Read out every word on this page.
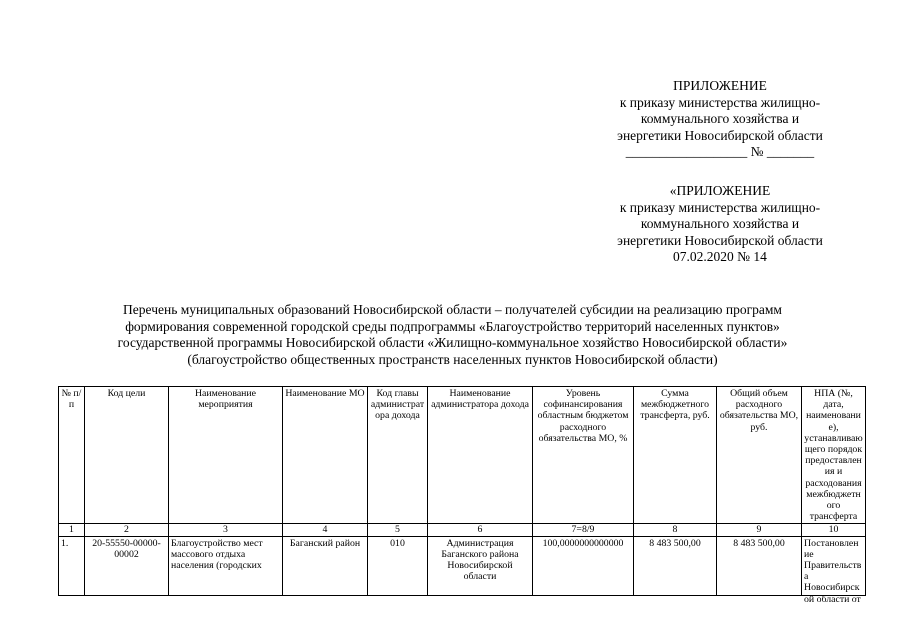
ПРИЛОЖЕНИЕ
к приказу министерства жилищно-
коммунального хозяйства и
энергетики Новосибирской области
__________________ № _______
«ПРИЛОЖЕНИЕ
к приказу министерства жилищно-
коммунального хозяйства и
энергетики Новосибирской области
07.02.2020 № 14
Перечень муниципальных образований Новосибирской области – получателей субсидии на реализацию программ
формирования современной городской среды подпрограммы «Благоустройство территорий населенных пунктов»
государственной программы Новосибирской области «Жилищно-коммунальное хозяйство Новосибирской области»
(благоустройство общественных пространств населенных пунктов Новосибирской области)
№ п/п	Код цели	Наименование мероприятия	Наименование МО	Код главы администратора дохода	Наименование администратора дохода	Уровень софинансирования областным бюджетом расходного обязательства МО, %	Сумма межбюджетного трансферта, руб.	Общий объем расходного обязательства МО, руб.	НПА (№, дата, наименование), устанавливающего порядок предоставления и расходования межбюджетного трансферта
1	2	3	4	5	6	7=8/9	8	9	10
1.	20-55550-00000-00002	Благоустройство мест массового отдыха населения (городских	Баганский район	010	Администрация Баганского района Новосибирской области	100,0000000000000	8 483 500,00	8 483 500,00	Постановление Правительства Новосибирской области от
